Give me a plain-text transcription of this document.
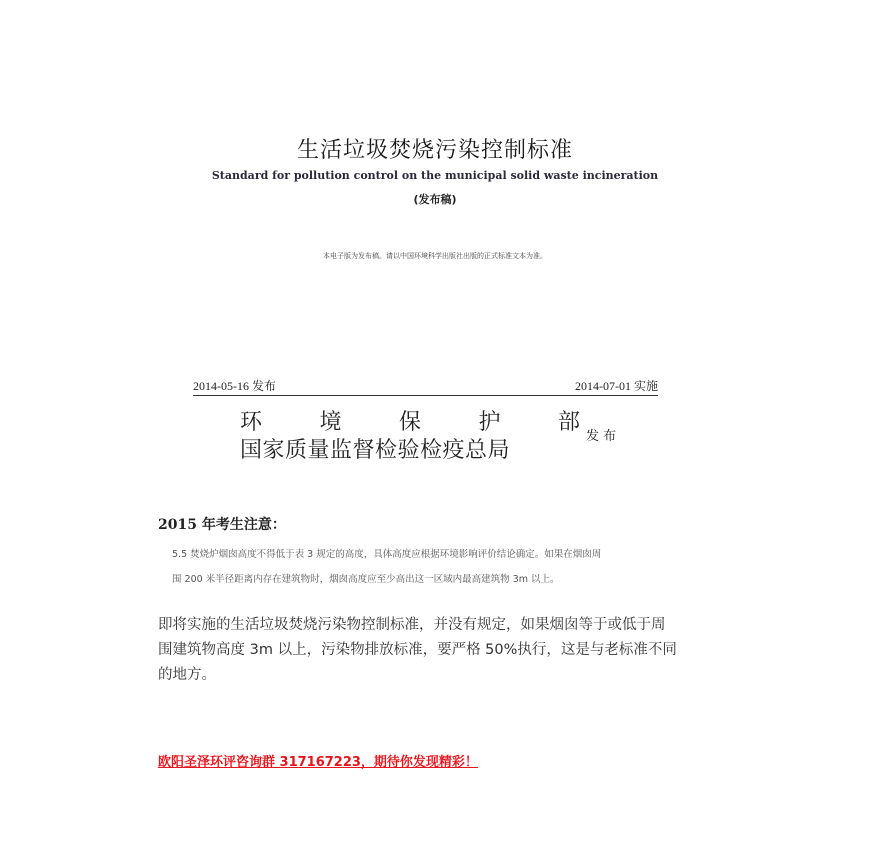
生活垃圾焚烧污染控制标准
Standard for pollution control on the municipal solid waste incineration
(发布稿)
本电子版为发布稿。请以中国环境科学出版社出版的正式标准文本为准。
2014-05-16 发布	2014-07-01 实施
环	境	保	护	部
国家质量监督检验检疫总局
发 布
2015 年考生注意：
5.5 焚烧炉烟囱高度不得低于表 3 规定的高度，具体高度应根据环境影响评价结论确定。如果在烟囱周
围 200 米半径距离内存在建筑物时，烟囱高度应至少高出这一区域内最高建筑物 3m 以上。
即将实施的生活垃圾焚烧污染物控制标准，并没有规定，如果烟囱等于或低于周
围建筑物高度 3m 以上，污染物排放标准，要严格 50%执行，这是与老标准不同
的地方。
欧阳圣泽环评咨询群 317167223，期待你发现精彩！
